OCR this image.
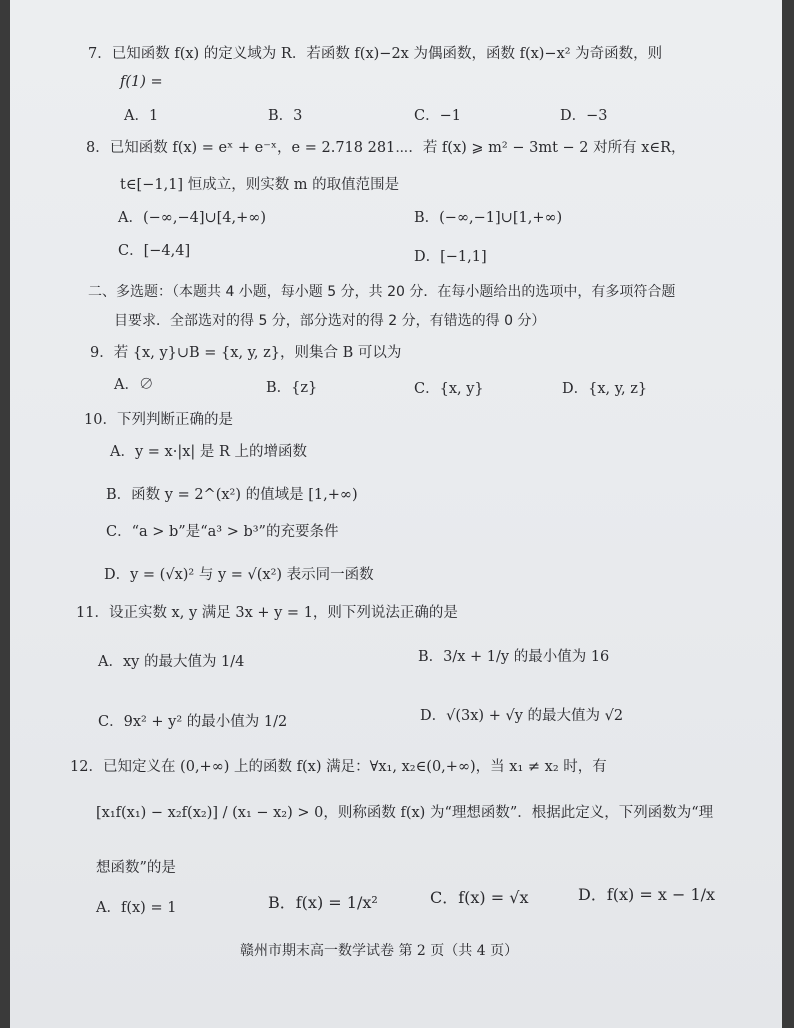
7．已知函数 f(x) 的定义域为 R．若函数 f(x)−2x 为偶函数，函数 f(x)−x² 为奇函数，则
f(1) =
A．1	B．3	C．−1	D．−3
8．已知函数 f(x) = eˣ + e⁻ˣ，e = 2.718 281⋯．若 f(x) ⩾ m² − 3mt − 2 对所有 x∈R，
t∈[−1,1] 恒成立，则实数 m 的取值范围是
A．(−∞,−4]∪[4,+∞)	B．(−∞,−1]∪[1,+∞)
C．[−4,4]	D．[−1,1]
二、多选题：（本题共 4 小题，每小题 5 分，共 20 分．在每小题给出的选项中，有多项符合题
目要求．全部选对的得 5 分，部分选对的得 2 分，有错选的得 0 分）
9．若 {x, y}∪B = {x, y, z}，则集合 B 可以为
A．∅	B．{z}	C．{x, y}	D．{x, y, z}
10．下列判断正确的是
A．y = x·|x| 是 R 上的增函数
B．函数 y = 2^(x²) 的值域是 [1,+∞)
C．“a > b”是“a³ > b³”的充要条件
D．y = (√x)² 与 y = √(x²) 表示同一函数
11．设正实数 x, y 满足 3x + y = 1，则下列说法正确的是
A．xy 的最大值为 1/4	B．3/x + 1/y 的最小值为 16
C．9x² + y² 的最小值为 1/2	D．√(3x) + √y 的最大值为 √2
12．已知定义在 (0,+∞) 上的函数 f(x) 满足：∀x₁, x₂∈(0,+∞)，当 x₁ ≠ x₂ 时，有
[x₁f(x₁) − x₂f(x₂)] / (x₁ − x₂) > 0，则称函数 f(x) 为“理想函数”．根据此定义，下列函数为“理
想函数”的是
A．f(x) = 1	B．f(x) = 1/x²	C．f(x) = √x	D．f(x) = x − 1/x
赣州市期末高一数学试卷 第 2 页（共 4 页）
